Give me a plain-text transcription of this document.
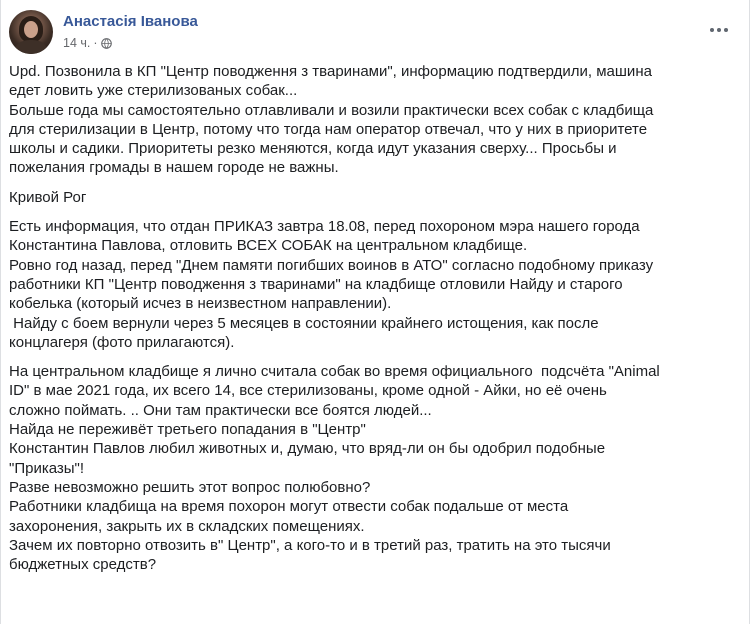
Анастасія Іванова
14 ч. ·

Upd. Позвонила в КП "Центр поводження з тваринами", информацию подтвердили, машина

едет ловить уже стерилизованых собак...

Больше года мы самостоятельно отлавливали и возили практически всех собак с кладбища

для стерилизации в Центр, потому что тогда нам оператор отвечал, что у них в приоритете

школы и садики. Приоритеты резко меняются, когда идут указания сверху... Просьбы и

пожелания громады в нашем городе не важны.

Кривой Рог

Есть информация, что отдан ПРИКАЗ завтра 18.08, перед похороном мэра нашего города

Константина Павлова, отловить ВСЕХ СОБАК на центральном кладбище.

Ровно год назад, перед "Днем памяти погибших воинов в АТО" согласно подобному приказу

работники КП "Центр поводження з тваринами" на кладбище отловили Найду и старого

кобелька (который исчез в неизвестном направлении).

Найду с боем вернули через 5 месяцев в состоянии крайнего истощения, как после

концлагеря (фото прилагаются).

На центральном кладбище я лично считала собак во время официального  подсчёта "Animal

ID" в мае 2021 года, их всего 14, все стерилизованы, кроме одной - Айки, но её очень

сложно поймать. .. Они там практически все боятся людей...

Найда не переживёт третьего попадания в "Центр"

Константин Павлов любил животных и, думаю, что вряд-ли он бы одобрил подобные

"Приказы"!

Разве невозможно решить этот вопрос полюбовно?

Работники кладбища на время похорон могут отвести собак подальше от места

захоронения, закрыть их в складских помещениях.

Зачем их повторно отвозить в" Центр", а кого-то и в третий раз, тратить на это тысячи

бюджетных средств?
